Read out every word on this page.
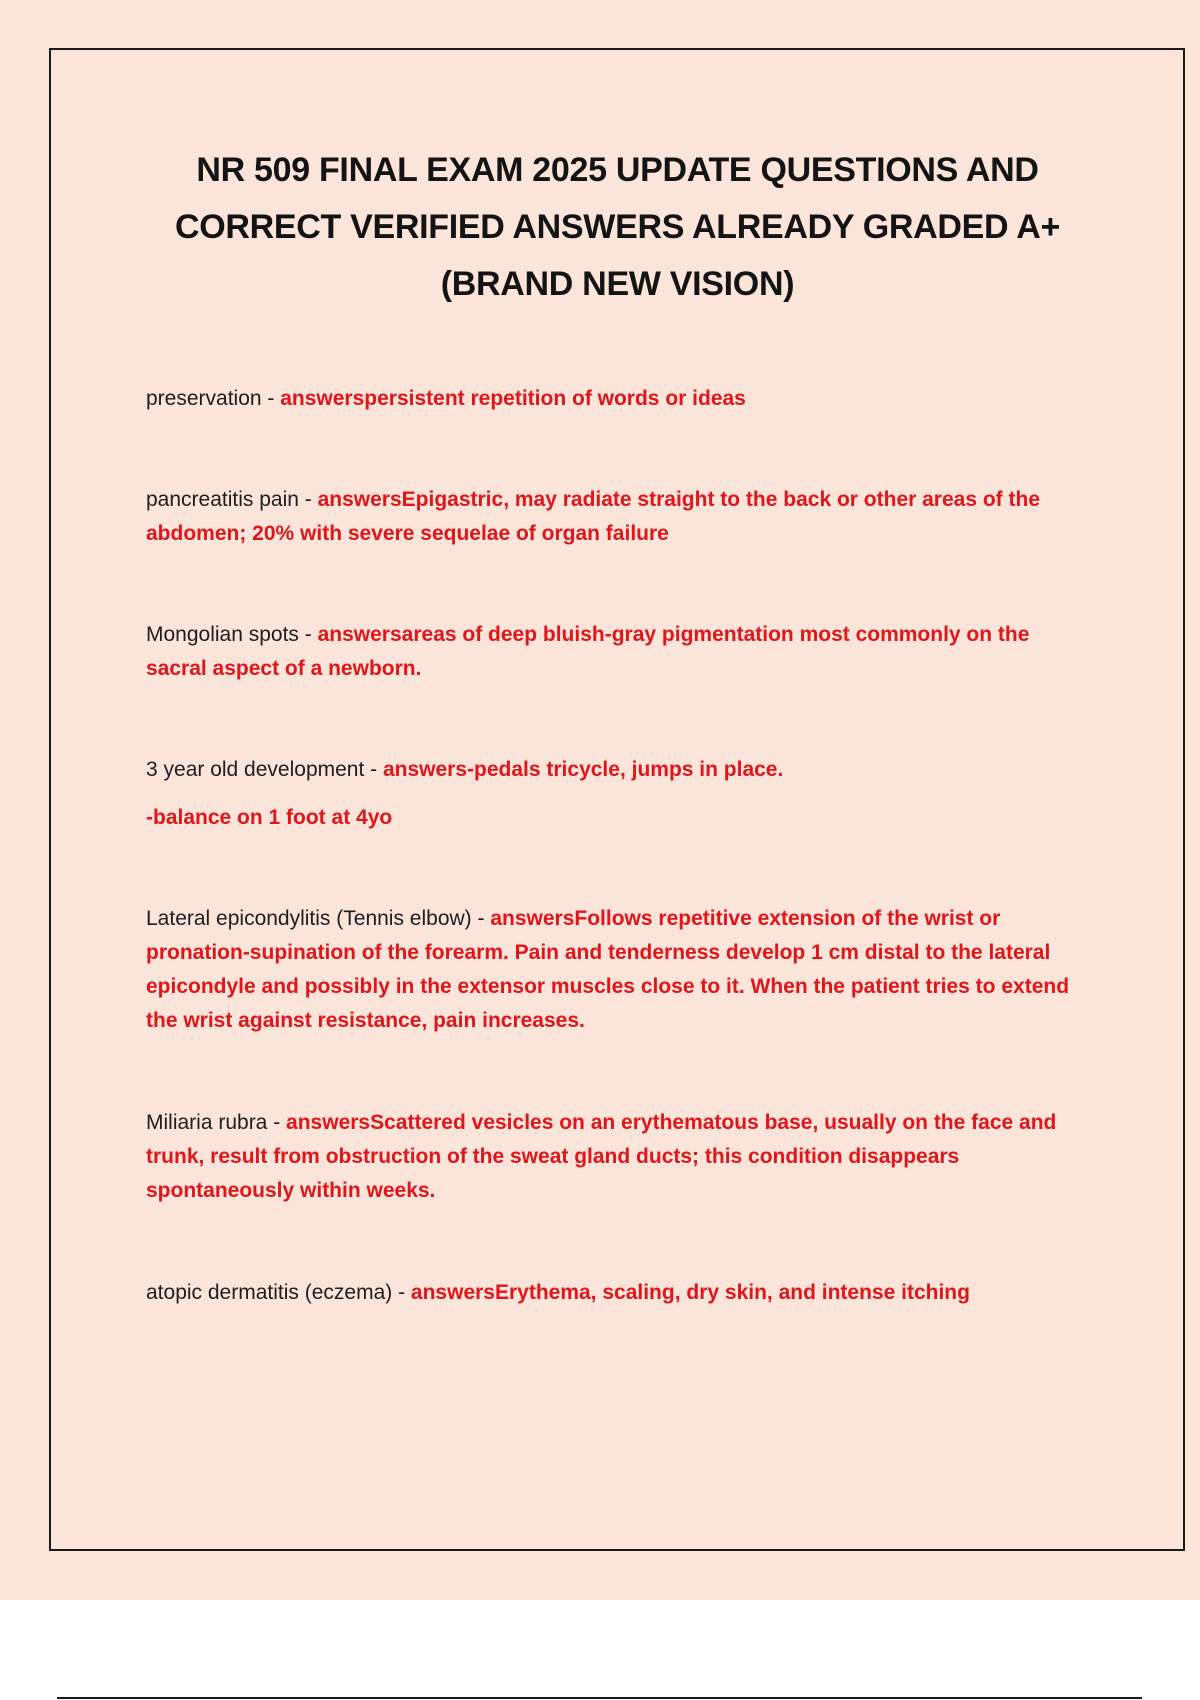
NR 509 FINAL EXAM 2025 UPDATE QUESTIONS AND
CORRECT VERIFIED ANSWERS ALREADY GRADED A+
(BRAND NEW VISION)
preservation - answerspersistent repetition of words or ideas
pancreatitis pain - answersEpigastric, may radiate straight to the back or other areas of the abdomen; 20% with severe sequelae of organ failure
Mongolian spots - answersareas of deep bluish-gray pigmentation most commonly on the sacral aspect of a newborn.
3 year old development - answers-pedals tricycle, jumps in place.
-balance on 1 foot at 4yo
Lateral epicondylitis (Tennis elbow) - answersFollows repetitive extension of the wrist or pronation-supination of the forearm. Pain and tenderness develop 1 cm distal to the lateral epicondyle and possibly in the extensor muscles close to it. When the patient tries to extend the wrist against resistance, pain increases.
Miliaria rubra - answersScattered vesicles on an erythematous base, usually on the face and trunk, result from obstruction of the sweat gland ducts; this condition disappears spontaneously within weeks.
atopic dermatitis (eczema) - answersErythema, scaling, dry skin, and intense itching
